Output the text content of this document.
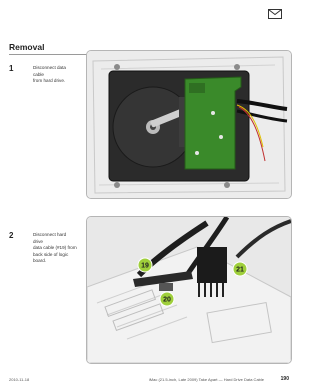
Removal
1	Disconnect data cable
from hard drive.
2	Disconnect hard drive
data cable (#19) from
back side of logic
board.
19
20
21
2010-11-18	iMac (21.5-inch, Late 2009) Take Apart — Hard Drive Data Cable	190
